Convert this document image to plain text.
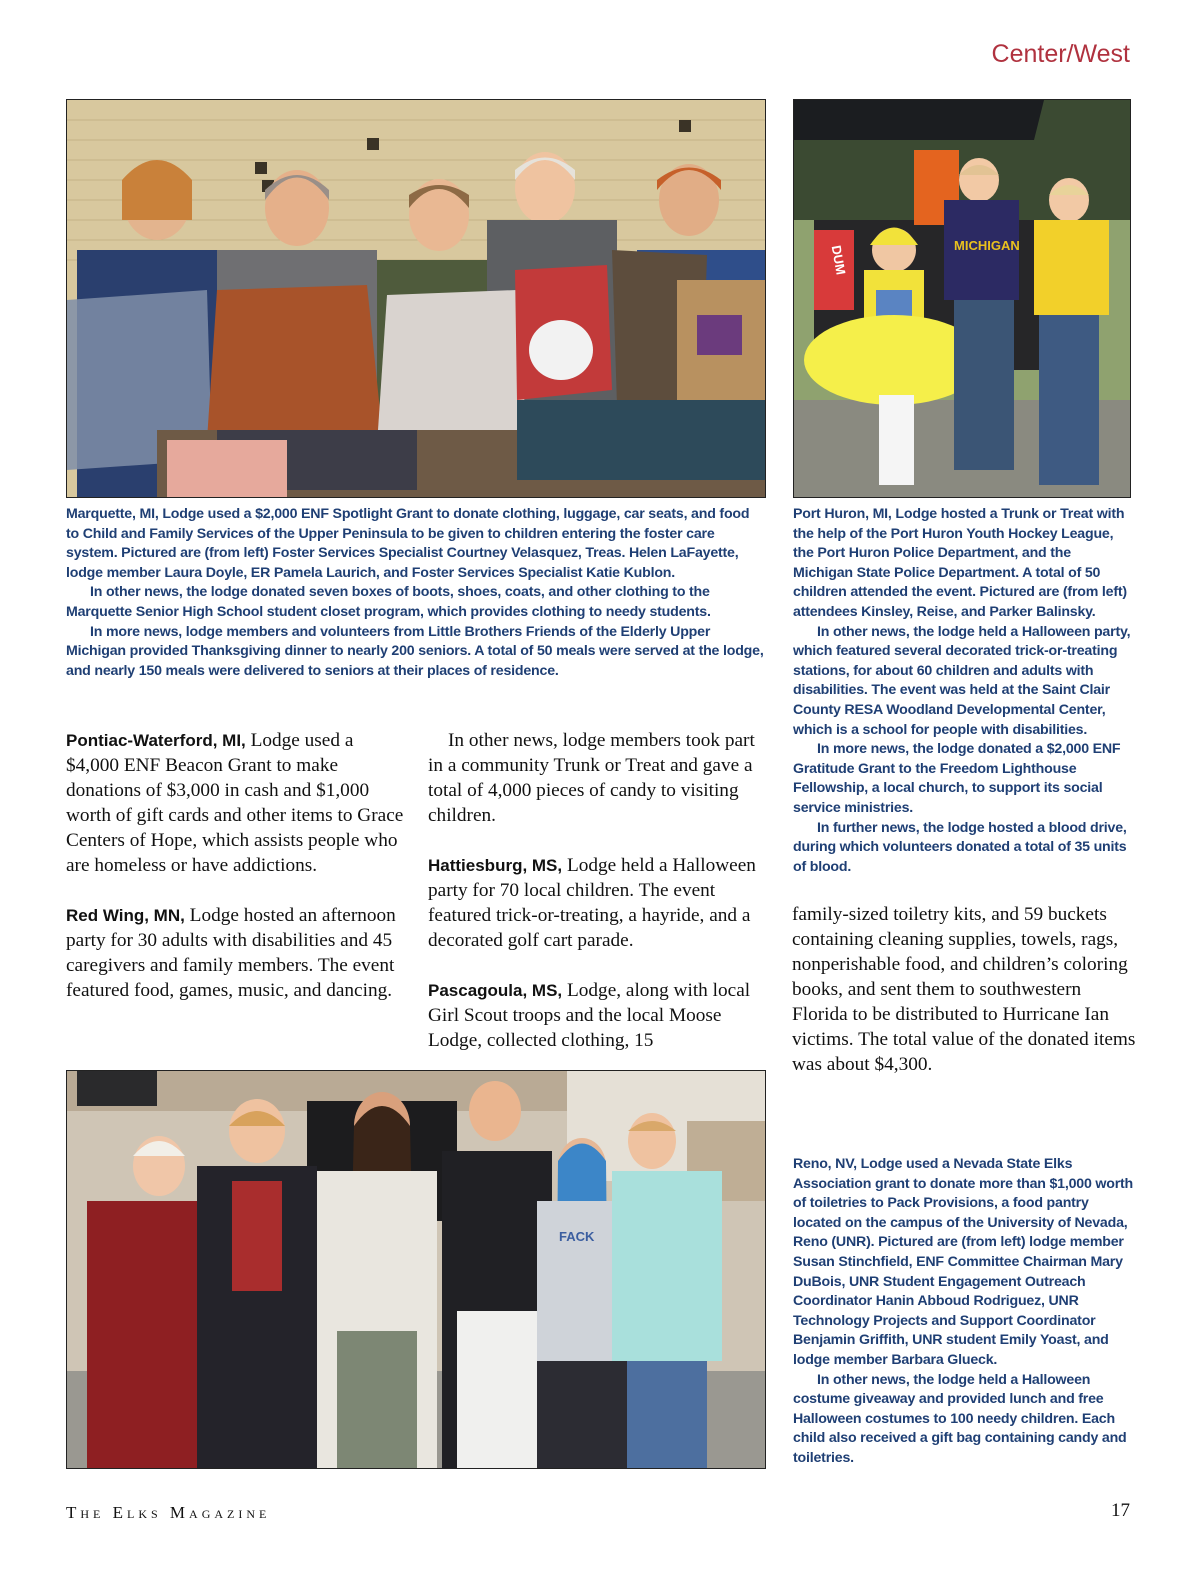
Center/West
DUM	MICHIGAN

Marquette, MI, Lodge used a $2,000 ENF Spotlight Grant to donate clothing, luggage, car seats, and food to Child and Family Services of the Upper Peninsula to be given to children entering the foster care system. Pictured are (from left) Foster Services Specialist Courtney Velasquez, Treas. Helen LaFayette, lodge member Laura Doyle, ER Pamela Laurich, and Foster Services Specialist Katie Kublon.

In other news, the lodge donated seven boxes of boots, shoes, coats, and other clothing to the Marquette Senior High School student closet program, which provides clothing to needy students.

In more news, lodge members and volunteers from Little Brothers Friends of the Elderly Upper Michigan provided Thanksgiving dinner to nearly 200 seniors. A total of 50 meals were served at the lodge, and nearly 150 meals were delivered to seniors at their places of residence.

Port Huron, MI, Lodge hosted a Trunk or Treat with the help of the Port Huron Youth Hockey League, the Port Huron Police Department, and the Michigan State Police Department. A total of 50 children attended the event. Pictured are (from left) attendees Kinsley, Reise, and Parker Balinsky.

In other news, the lodge held a Halloween party, which featured several decorated trick-or-treating stations, for about 60 children and adults with disabilities. The event was held at the Saint Clair County RESA Woodland Developmental Center, which is a school for people with disabilities.

In more news, the lodge donated a $2,000 ENF Gratitude Grant to the Freedom Lighthouse Fellowship, a local church, to support its social service ministries.

In further news, the lodge hosted a blood drive, during which volunteers donated a total of 35 units of blood.

Pontiac-Waterford, MI, Lodge used a $4,000 ENF Beacon Grant to make donations of $3,000 in cash and $1,000 worth of gift cards and other items to Grace Centers of Hope, which assists people who are homeless or have addictions.

Red Wing, MN, Lodge hosted an afternoon party for 30 adults with disabilities and 45 caregivers and family members. The event featured food, games, music, and dancing.

In other news, lodge members took part in a community Trunk or Treat and gave a total of 4,000 pieces of candy to visiting children.

Hattiesburg, MS, Lodge held a Halloween party for 70 local children. The event featured trick-or-treating, a hayride, and a decorated golf cart parade.

Pascagoula, MS, Lodge, along with local Girl Scout troops and the local Moose Lodge, collected clothing, 15

family-sized toiletry kits, and 59 buckets containing cleaning supplies, towels, rags, nonperishable food, and children’s coloring books, and sent them to southwestern Florida to be distributed to Hurricane Ian victims. The total value of the donated items was about $4,300.

FACK

Reno, NV, Lodge used a Nevada State Elks Association grant to donate more than $1,000 worth of toiletries to Pack Provisions, a food pantry located on the campus of the University of Nevada, Reno (UNR). Pictured are (from left) lodge member Susan Stinchfield, ENF Committee Chairman Mary DuBois, UNR Student Engagement Outreach Coordinator Hanin Abboud Rodriguez, UNR Technology Projects and Support Coordinator Benjamin Griffith, UNR student Emily Yoast, and lodge member Barbara Glueck.

In other news, the lodge held a Halloween costume giveaway and provided lunch and free Halloween costumes to 100 needy children. Each child also received a gift bag containing candy and toiletries.

The Elks Magazine	17
